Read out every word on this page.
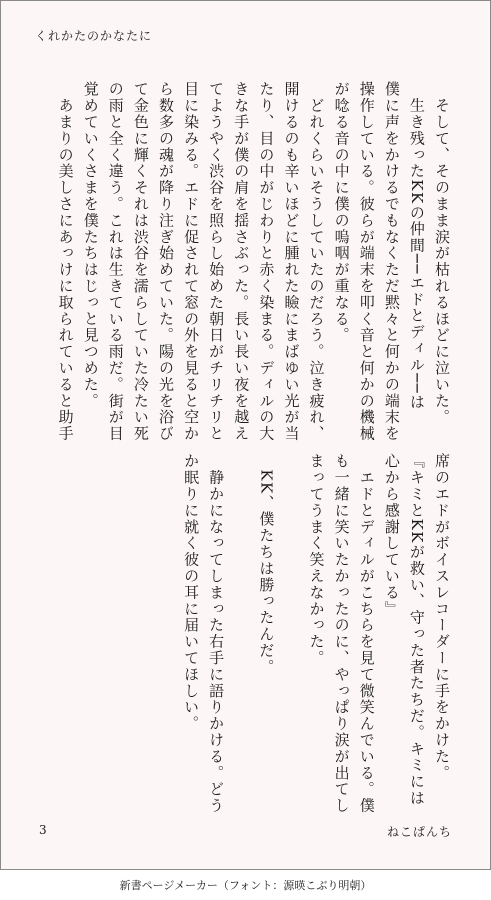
くれかたのかなたに

　そして、そのまま涙が枯れるほどに泣いた。

　生き残ったKKの仲間──エドとディル──は

僕に声をかけるでもなくただ黙々と何かの端末を

操作している。彼らが端末を叩く音と何かの機械

が唸る音の中に僕の嗚咽が重なる。

　どれくらいそうしていたのだろう。泣き疲れ、

開けるのも辛いほどに腫れた瞼にまばゆい光が当

たり、目の中がじわりと赤く染まる。ディルの大

きな手が僕の肩を揺さぶった。長い長い夜を越え

てようやく渋谷を照らし始めた朝日がチリチリと

目に染みる。エドに促されて窓の外を見ると空か

ら数多の魂が降り注ぎ始めていた。陽の光を浴び

て金色に輝くそれは渋谷を濡らしていた冷たい死

の雨と全く違う。これは生きている雨だ。街が目

覚めていくさまを僕たちはじっと見つめた。

　あまりの美しさにあっけに取られていると助手

席のエドがボイスレコーダーに手をかけた。

『キミとKKが救い、守った者たちだ。キミには

心から感謝している』

　エドとディルがこちらを見て微笑んでいる。僕

も一緒に笑いたかったのに、やっぱり涙が出てし

まってうまく笑えなかった。

　KK、僕たちは勝ったんだ。

　静かになってしまった右手に語りかける。どう

か眠りに就く彼の耳に届いてほしい。

3	ねこぱんち
新書ページメーカー（フォント：源暎こぶり明朝）
